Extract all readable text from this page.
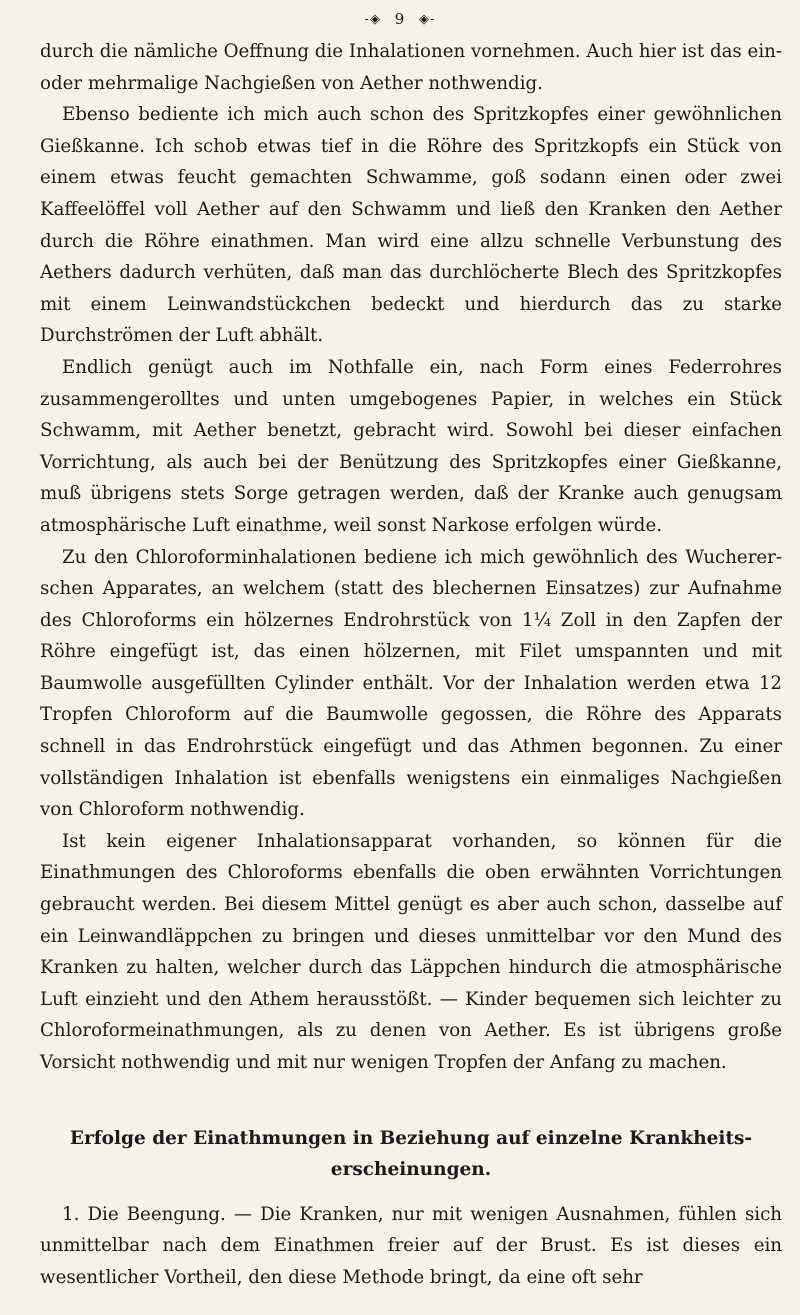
-◈ 9 ◈-

durch die nämliche Oeffnung die Inhalationen vornehmen. Auch hier ist das ein- oder mehrmalige Nachgießen von Aether nothwendig.

Ebenso bediente ich mich auch schon des Spritzkopfes einer gewöhnlichen Gießkanne. Ich schob etwas tief in die Röhre des Spritzkopfs ein Stück von einem etwas feucht gemachten Schwamme, goß sodann einen oder zwei Kaffeelöffel voll Aether auf den Schwamm und ließ den Kranken den Aether durch die Röhre einathmen. Man wird eine allzu schnelle Verbunstung des Aethers dadurch verhüten, daß man das durchlöcherte Blech des Spritzkopfes mit einem Leinwandstückchen bedeckt und hierdurch das zu starke Durchströmen der Luft abhält.

Endlich genügt auch im Nothfalle ein, nach Form eines Federrohres zusammengerolltes und unten umgebogenes Papier, in welches ein Stück Schwamm, mit Aether benetzt, gebracht wird. Sowohl bei dieser einfachen Vorrichtung, als auch bei der Benützung des Spritzkopfes einer Gießkanne, muß übrigens stets Sorge getragen werden, daß der Kranke auch genugsam atmosphärische Luft einathme, weil sonst Narkose erfolgen würde.

Zu den Chloroforminhalationen bediene ich mich gewöhnlich des Wucherer-schen Apparates, an welchem (statt des blechernen Einsatzes) zur Aufnahme des Chloroforms ein hölzernes Endrohrstück von 1¼ Zoll in den Zapfen der Röhre eingefügt ist, das einen hölzernen, mit Filet umspannten und mit Baumwolle ausgefüllten Cylinder enthält. Vor der Inhalation werden etwa 12 Tropfen Chloroform auf die Baumwolle gegossen, die Röhre des Apparats schnell in das Endrohrstück eingefügt und das Athmen begonnen. Zu einer vollständigen Inhalation ist ebenfalls wenigstens ein einmaliges Nachgießen von Chloroform nothwendig.

Ist kein eigener Inhalationsapparat vorhanden, so können für die Einathmungen des Chloroforms ebenfalls die oben erwähnten Vorrichtungen gebraucht werden. Bei diesem Mittel genügt es aber auch schon, dasselbe auf ein Leinwandläppchen zu bringen und dieses unmittelbar vor den Mund des Kranken zu halten, welcher durch das Läppchen hindurch die atmosphärische Luft einzieht und den Athem herausstößt. — Kinder bequemen sich leichter zu Chloroformeinathmungen, als zu denen von Aether. Es ist übrigens große Vorsicht nothwendig und mit nur wenigen Tropfen der Anfang zu machen.

Erfolge der Einathmungen in Beziehung auf einzelne Krankheits-erscheinungen.

1. Die Beengung. — Die Kranken, nur mit wenigen Ausnahmen, fühlen sich unmittelbar nach dem Einathmen freier auf der Brust. Es ist dieses ein wesentlicher Vortheil, den diese Methode bringt, da eine oft sehr
